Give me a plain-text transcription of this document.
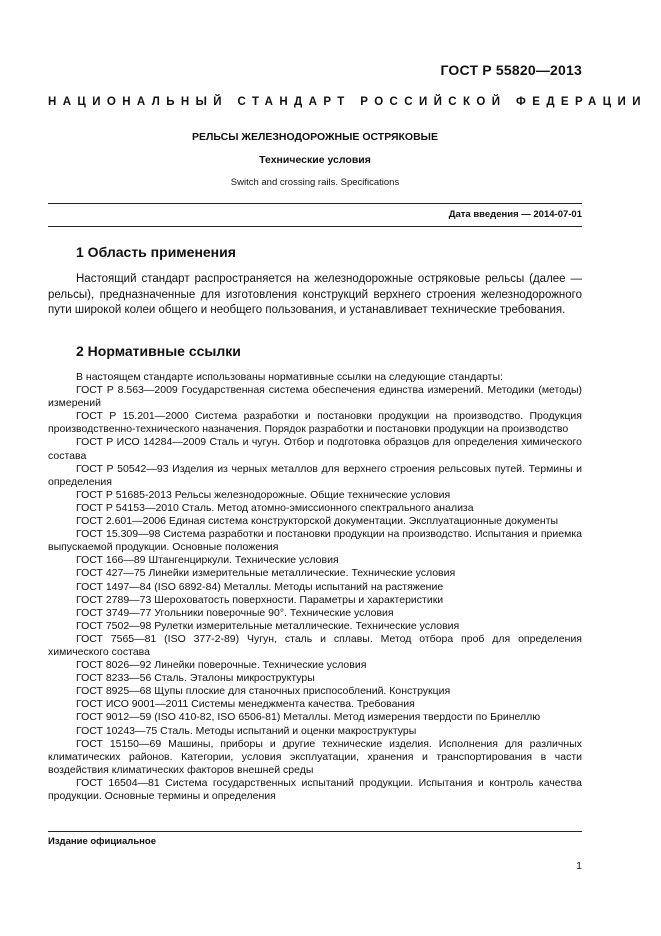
ГОСТ Р 55820—2013
НАЦИОНАЛЬНЫЙ СТАНДАРТ РОССИЙСКОЙ ФЕДЕРАЦИИ
РЕЛЬСЫ ЖЕЛЕЗНОДОРОЖНЫЕ ОСТРЯКОВЫЕ
Технические условия
Switch and crossing rails. Specifications
Дата введения — 2014-07-01
1 Область применения
Настоящий стандарт распространяется на железнодорожные остряковые рельсы (далее — рельсы), предназначенные для изготовления конструкций верхнего строения железнодорожного пути широкой колеи общего и необщего пользования, и устанавливает технические требования.
2 Нормативные ссылки

В настоящем стандарте использованы нормативные ссылки на следующие стандарты:

ГОСТ Р 8.563—2009 Государственная система обеспечения единства измерений. Методики (методы) измерений

ГОСТ Р 15.201—2000 Система разработки и постановки продукции на производство. Продукция производственно-технического назначения. Порядок разработки и постановки продукции на производство

ГОСТ Р ИСО 14284—2009 Сталь и чугун. Отбор и подготовка образцов для определения химического состава

ГОСТ Р 50542—93 Изделия из черных металлов для верхнего строения рельсовых путей. Термины и определения

ГОСТ Р 51685-2013 Рельсы железнодорожные. Общие технические условия

ГОСТ Р 54153—2010 Сталь. Метод атомно-эмиссионного спектрального анализа

ГОСТ 2.601—2006 Единая система конструкторской документации. Эксплуатационные документы

ГОСТ 15.309—98 Система разработки и постановки продукции на производство. Испытания и приемка выпускаемой продукции. Основные положения

ГОСТ 166—89 Штангенциркули. Технические условия

ГОСТ 427—75 Линейки измерительные металлические. Технические условия

ГОСТ 1497—84 (ISO 6892-84) Металлы. Методы испытаний на растяжение

ГОСТ 2789—73 Шероховатость поверхности. Параметры и характеристики

ГОСТ 3749—77 Угольники поверочные 90°. Технические условия

ГОСТ 7502—98 Рулетки измерительные металлические. Технические условия

ГОСТ 7565—81 (ISO 377-2-89) Чугун, сталь и сплавы. Метод отбора проб для определения химического состава

ГОСТ 8026—92 Линейки поверочные. Технические условия

ГОСТ 8233—56 Сталь. Эталоны микроструктуры

ГОСТ 8925—68 Щупы плоские для станочных приспособлений. Конструкция

ГОСТ ИСО 9001—2011 Системы менеджмента качества. Требования

ГОСТ 9012—59 (ISO 410-82, ISO 6506-81) Металлы. Метод измерения твердости по Бринеллю

ГОСТ 10243—75 Сталь. Методы испытаний и оценки макроструктуры

ГОСТ 15150—69 Машины, приборы и другие технические изделия. Исполнения для различных климатических районов. Категории, условия эксплуатации, хранения и транспортирования в части воздействия климатических факторов внешней среды

ГОСТ 16504—81 Система государственных испытаний продукции. Испытания и контроль качества продукции. Основные термины и определения

Издание официальное
1
